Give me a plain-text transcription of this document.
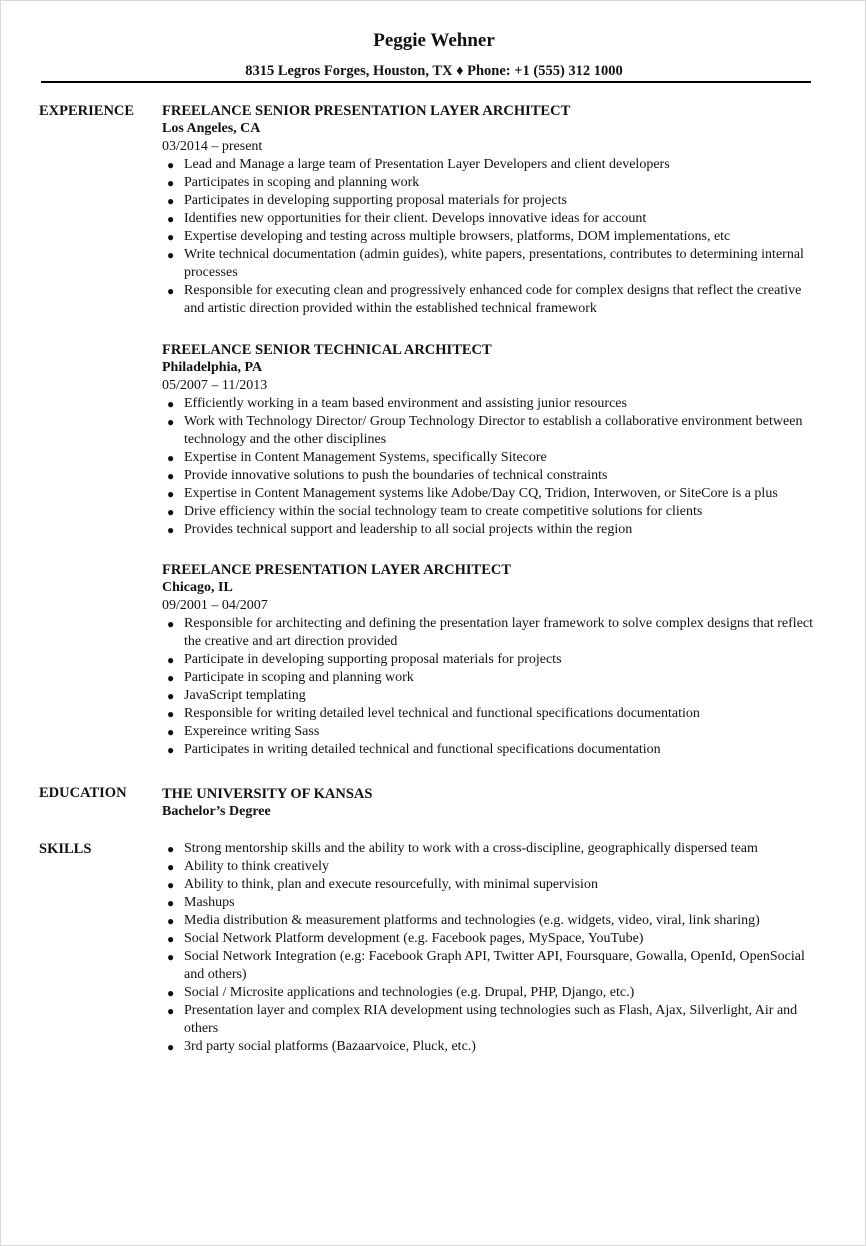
Peggie Wehner
8315 Legros Forges, Houston, TX ♦ Phone: +1 (555) 312 1000
EXPERIENCE FREELANCE SENIOR PRESENTATION LAYER ARCHITECT
Los Angeles, CA
03/2014 – present
● Lead and Manage a large team of Presentation Layer Developers and client developers
● Participates in scoping and planning work
● Participates in developing supporting proposal materials for projects
● Identifies new opportunities for their client. Develops innovative ideas for account
● Expertise developing and testing across multiple browsers, platforms, DOM implementations, etc
● Write technical documentation (admin guides), white papers, presentations, contributes to determining internal processes
● Responsible for executing clean and progressively enhanced code for complex designs that reflect the creative and artistic direction provided within the established technical framework
FREELANCE SENIOR TECHNICAL ARCHITECT
Philadelphia, PA
05/2007 – 11/2013
● Efficiently working in a team based environment and assisting junior resources
● Work with Technology Director/ Group Technology Director to establish a collaborative environment between technology and the other disciplines
● Expertise in Content Management Systems, specifically Sitecore
● Provide innovative solutions to push the boundaries of technical constraints
● Expertise in Content Management systems like Adobe/Day CQ, Tridion, Interwoven, or SiteCore is a plus
● Drive efficiency within the social technology team to create competitive solutions for clients
● Provides technical support and leadership to all social projects within the region
FREELANCE PRESENTATION LAYER ARCHITECT
Chicago, IL
09/2001 – 04/2007
● Responsible for architecting and defining the presentation layer framework to solve complex designs that reflect the creative and art direction provided
● Participate in developing supporting proposal materials for projects
● Participate in scoping and planning work
● JavaScript templating
● Responsible for writing detailed level technical and functional specifications documentation
● Expereince writing Sass
● Participates in writing detailed technical and functional specifications documentation
EDUCATION THE UNIVERSITY OF KANSAS
Bachelor’s Degree
SKILLS	● Strong mentorship skills and the ability to work with a cross-discipline, geographically dispersed team
● Ability to think creatively
● Ability to think, plan and execute resourcefully, with minimal supervision
● Mashups
● Media distribution & measurement platforms and technologies (e.g. widgets, video, viral, link sharing)
● Social Network Platform development (e.g. Facebook pages, MySpace, YouTube)
● Social Network Integration (e.g: Facebook Graph API, Twitter API, Foursquare, Gowalla, OpenId, OpenSocial and others)
● Social / Microsite applications and technologies (e.g. Drupal, PHP, Django, etc.)
● Presentation layer and complex RIA development using technologies such as Flash, Ajax, Silverlight, Air and others
● 3rd party social platforms (Bazaarvoice, Pluck, etc.)
